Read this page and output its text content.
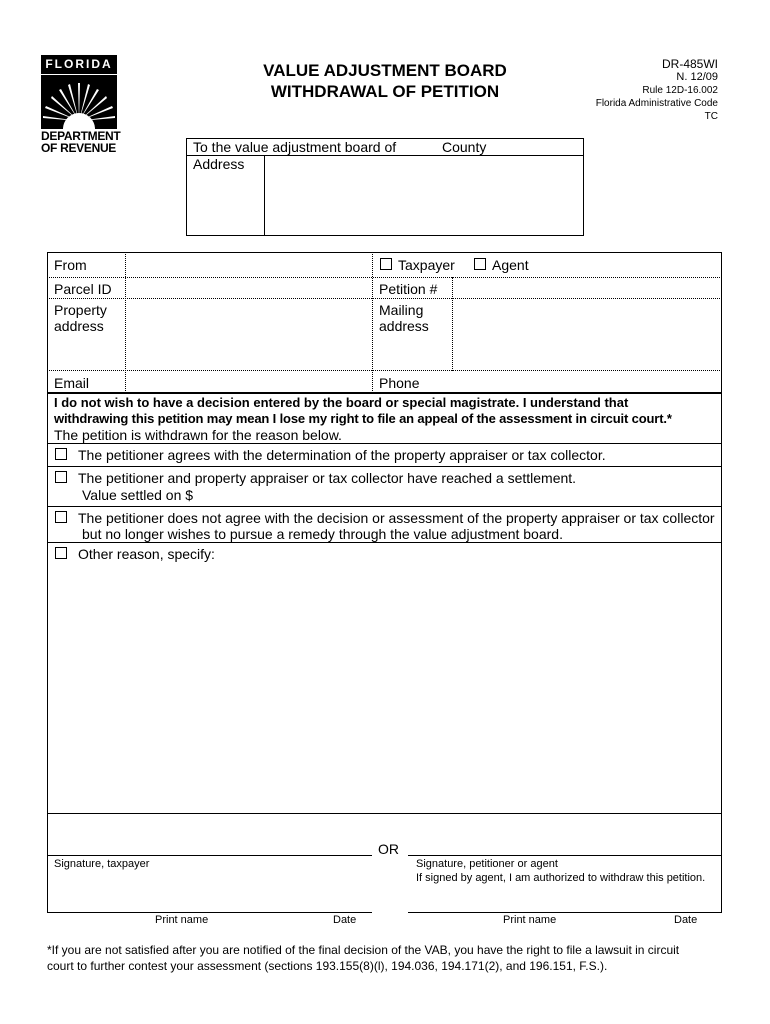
FLORIDA
DEPARTMENT
OF REVENUE
VALUE ADJUSTMENT BOARD
WITHDRAWAL OF PETITION
DR-485WI
N. 12/09
Rule 12D-16.002
Florida Administrative Code
TC
To the value adjustment board of	County
Address
From	Taxpayer	Agent
Parcel ID	Petition #
Property
address
Mailing
address
Email	Phone
I do not wish to have a decision entered by the board or special magistrate. I understand that
withdrawing this petition may mean I lose my right to file an appeal of the assessment in circuit court.*
The petition is withdrawn for the reason below.
The petitioner agrees with the determination of the property appraiser or tax collector.
The petitioner and property appraiser or tax collector have reached a settlement.
Value settled on $
The petitioner does not agree with the decision or assessment of the property appraiser or tax collector
but no longer wishes to pursue a remedy through the value adjustment board.
Other reason, specify:
Signature, taxpayer
OR
Signature, petitioner or agent
If signed by agent, I am authorized to withdraw this petition.
Print name	Date	Print name	Date
*If you are not satisfied after you are notified of the final decision of the VAB, you have the right to file a lawsuit in circuit
court to further contest your assessment (sections 193.155(8)(l), 194.036, 194.171(2), and 196.151, F.S.).
